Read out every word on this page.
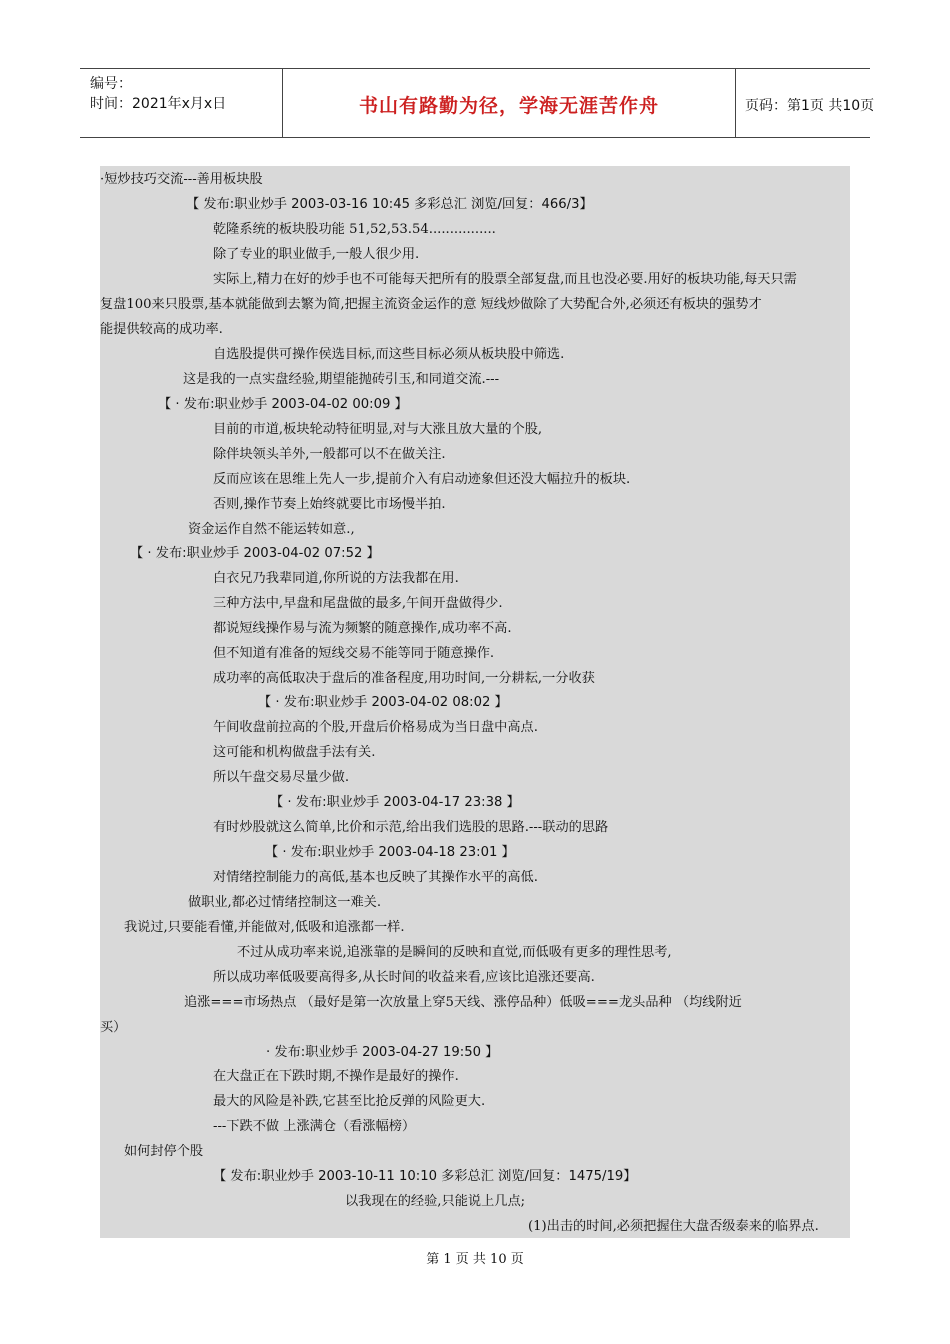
编号：
时间：2021年x月x日	书山有路勤为径，学海无涯苦作舟	页码：第1页 共10页
·短炒技巧交流---善用板块股
【 发布:职业炒手 2003-03-16 10:45 多彩总汇 浏览/回复：466/3】
乾隆系统的板块股功能 51,52,53.54................
除了专业的职业做手,一般人很少用.
实际上,精力在好的炒手也不可能每天把所有的股票全部复盘,而且也没必要.用好的板块功能,每天只需
复盘100来只股票,基本就能做到去繁为简,把握主流资金运作的意 短线炒做除了大势配合外,必须还有板块的强势才
能提供较高的成功率.
自选股提供可操作侯选目标,而这些目标必须从板块股中筛选.
这是我的一点实盘经验,期望能抛砖引玉,和同道交流.---
【 · 发布:职业炒手 2003-04-02 00:09 】
目前的市道,板块轮动特征明显,对与大涨且放大量的个股,
除伴块领头羊外,一般都可以不在做关注.
反而应该在思维上先人一步,提前介入有启动迹象但还没大幅拉升的板块.
否则,操作节奏上始终就要比市场慢半拍.
资金运作自然不能运转如意.,
【 · 发布:职业炒手 2003-04-02 07:52 】
白衣兄乃我辈同道,你所说的方法我都在用.
三种方法中,早盘和尾盘做的最多,午间开盘做得少.
都说短线操作易与流为频繁的随意操作,成功率不高.
但不知道有准备的短线交易不能等同于随意操作.
成功率的高低取决于盘后的准备程度,用功时间,一分耕耘,一分收获
【 · 发布:职业炒手 2003-04-02 08:02 】
午间收盘前拉高的个股,开盘后价格易成为当日盘中高点.
这可能和机构做盘手法有关.
所以午盘交易尽量少做.
【 · 发布:职业炒手 2003-04-17 23:38 】
有时炒股就这么简单,比价和示范,给出我们选股的思路.---联动的思路
【 · 发布:职业炒手 2003-04-18 23:01 】
对情绪控制能力的高低,基本也反映了其操作水平的高低.
做职业,都必过情绪控制这一难关.
我说过,只要能看懂,并能做对,低吸和追涨都一样.
不过从成功率来说,追涨靠的是瞬间的反映和直觉,而低吸有更多的理性思考,
所以成功率低吸要高得多,从长时间的收益来看,应该比追涨还要高.
追涨===市场热点 （最好是第一次放量上穿5天线、涨停品种）低吸===龙头品种 （均线附近
买）
· 发布:职业炒手 2003-04-27 19:50 】
在大盘正在下跌时期,不操作是最好的操作.
最大的风险是补跌,它甚至比抢反弹的风险更大.
---下跌不做 上涨满仓（看涨幅榜）
如何封停个股
【 发布:职业炒手 2003-10-11 10:10 多彩总汇 浏览/回复：1475/19】
以我现在的经验,只能说上几点;
(1)出击的时间,必须把握住大盘否级泰来的临界点.
第 1 页 共 10 页
